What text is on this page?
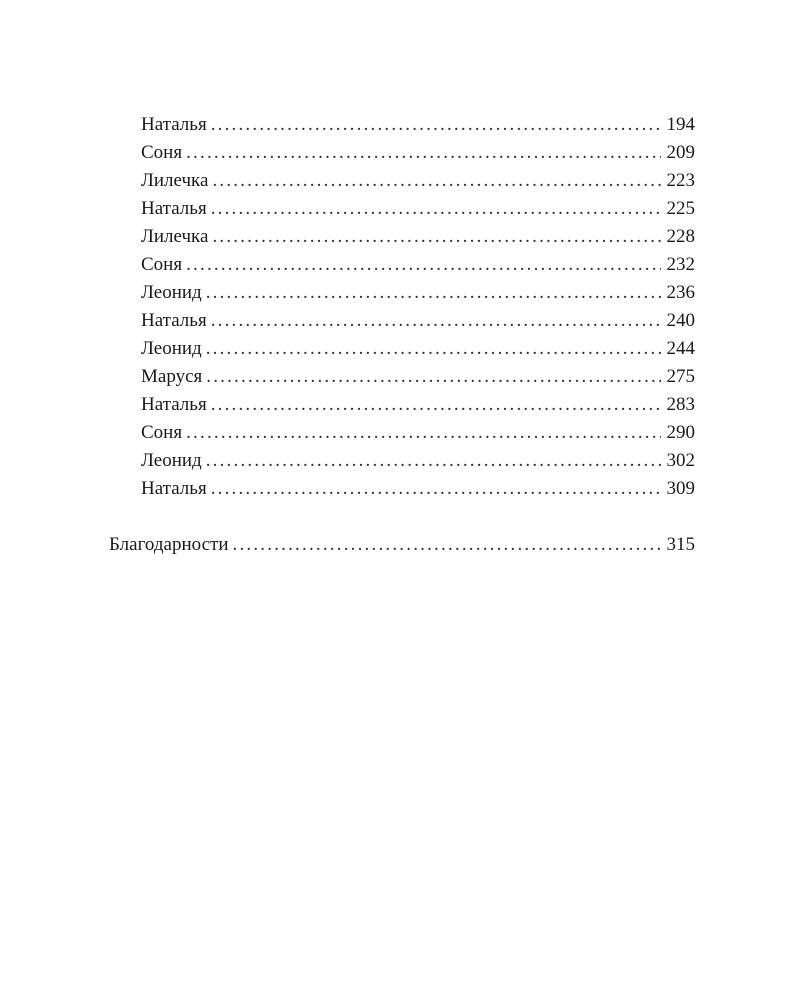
Наталья .....	194
Соня .....	209
Лилечка .....	223
Наталья .....	225
Лилечка .....	228
Соня .....	232
Леонид .....	236
Наталья .....	240
Леонид .....	244
Маруся .....	275
Наталья .....	283
Соня .....	290
Леонид .....	302
Наталья .....	309
Благодарности .....	315
